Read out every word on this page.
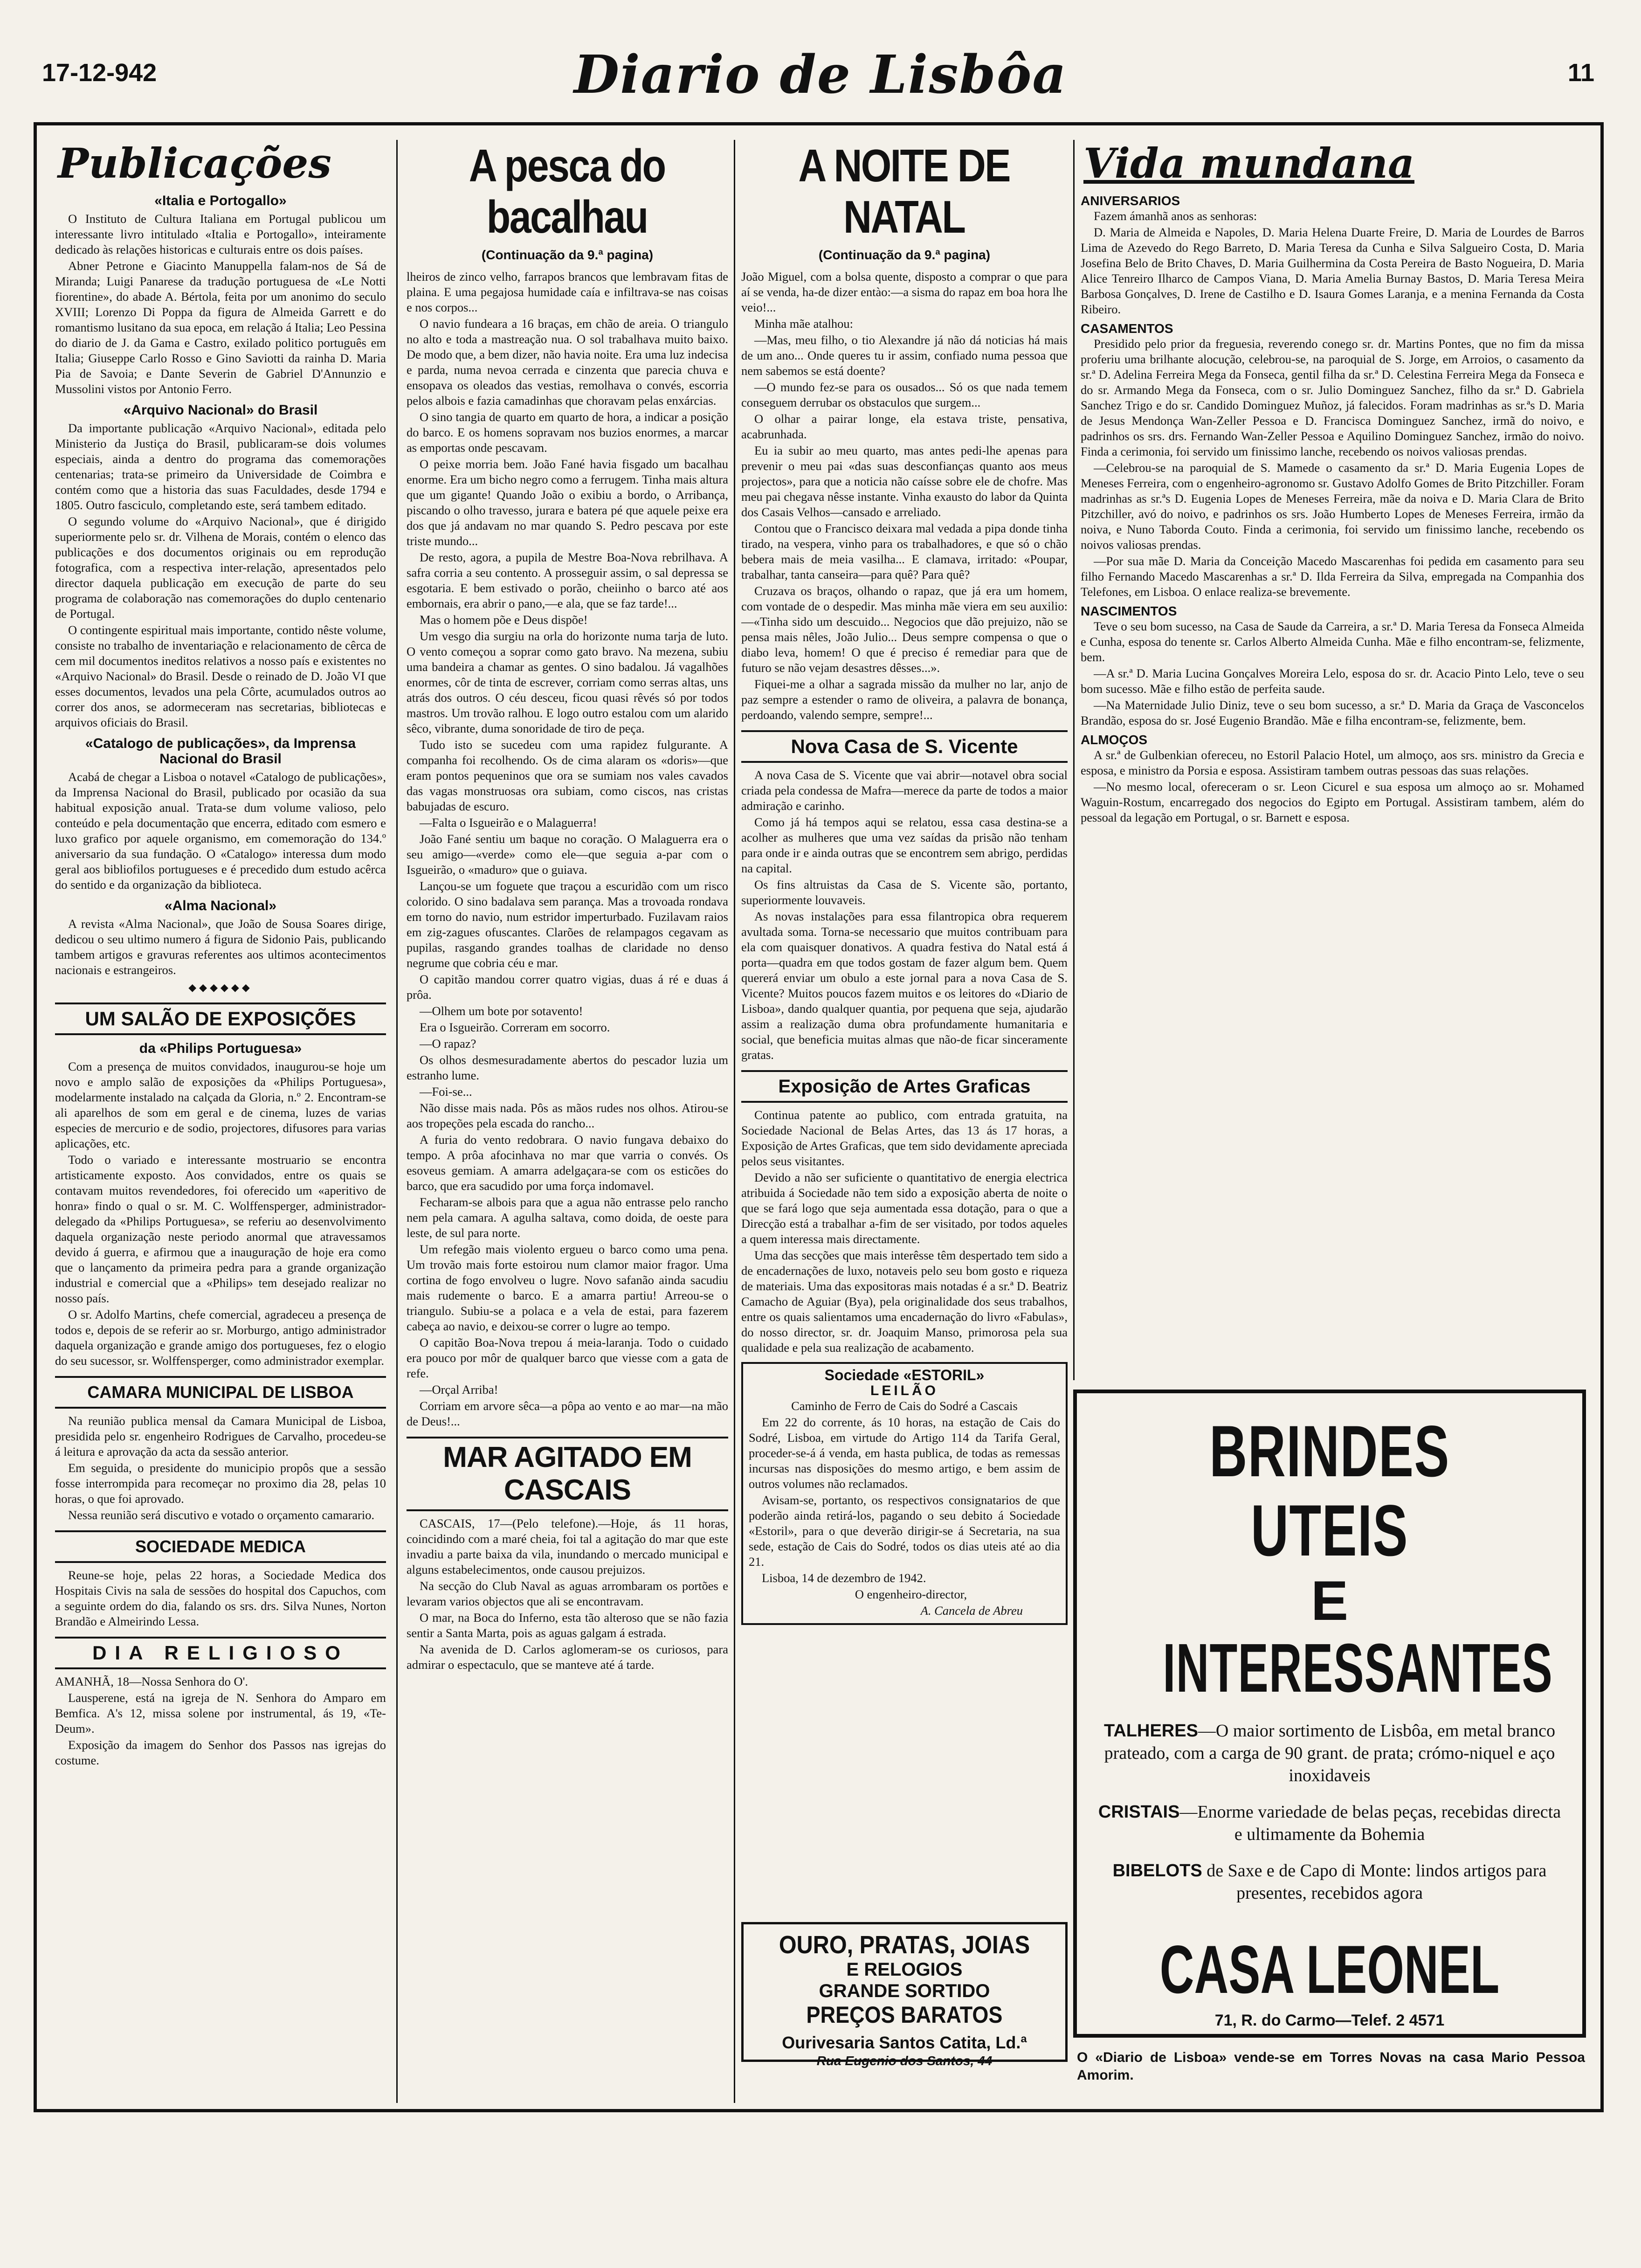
17-12-942	Diario de Lisbôa	11
Publicações
«Italia e Portogallo»

O Instituto de Cultura Italiana em Portugal publicou um interessante livro intitulado «Italia e Portogallo», inteiramente dedicado às relações historicas e culturais entre os dois países.

Abner Petrone e Giacinto Manuppella falam-nos de Sá de Miranda; Luigi Panarese da tradução portuguesa de «Le Notti fiorentine», do abade A. Bértola, feita por um anonimo do seculo XVIII; Lorenzo Di Poppa da figura de Almeida Garrett e do romantismo lusitano da sua epoca, em relação á Italia; Leo Pessina do diario de J. da Gama e Castro, exilado politico português em Italia; Giuseppe Carlo Rosso e Gino Saviotti da rainha D. Maria Pia de Savoia; e Dante Severin de Gabriel D'Annunzio e Mussolini vistos por Antonio Ferro.

«Arquivo Nacional» do Brasil

Da importante publicação «Arquivo Nacional», editada pelo Ministerio da Justiça do Brasil, publicaram-se dois volumes especiais, ainda a dentro do programa das comemorações centenarias; trata-se primeiro da Universidade de Coimbra e contém como que a historia das suas Faculdades, desde 1794 e 1805. Outro fasciculo, completando este, será tambem editado.

O segundo volume do «Arquivo Nacional», que é dirigido superiormente pelo sr. dr. Vilhena de Morais, contém o elenco das publicações e dos documentos originais ou em reprodução fotografica, com a respectiva inter-relação, apresentados pelo director daquela publicação em execução de parte do seu programa de colaboração nas comemorações do duplo centenario de Portugal.

O contingente espiritual mais importante, contido nêste volume, consiste no trabalho de inventariação e relacionamento de cêrca de cem mil documentos ineditos relativos a nosso país e existentes no «Arquivo Nacional» do Brasil. Desde o reinado de D. João VI que esses documentos, levados una pela Côrte, acumulados outros ao correr dos anos, se adormeceram nas secretarias, bibliotecas e arquivos oficiais do Brasil.

«Catalogo de publicações», da Imprensa Nacional do Brasil

Acabá de chegar a Lisboa o notavel «Catalogo de publicações», da Imprensa Nacional do Brasil, publicado por ocasião da sua habitual exposição anual. Trata-se dum volume valioso, pelo conteúdo e pela documentação que encerra, editado com esmero e luxo grafico por aquele organismo, em comemoração do 134.º aniversario da sua fundação. O «Catalogo» interessa dum modo geral aos bibliofilos portugueses e é precedido dum estudo acêrca do sentido e da organização da biblioteca.

«Alma Nacional»

A revista «Alma Nacional», que João de Sousa Soares dirige, dedicou o seu ultimo numero á figura de Sidonio Pais, publicando tambem artigos e gravuras referentes aos ultimos acontecimentos nacionais e estrangeiros.

◆◆◆◆◆◆
UM SALÃO DE EXPOSIÇÕES
da «Philips Portuguesa»

Com a presença de muitos convidados, inaugurou-se hoje um novo e amplo salão de exposições da «Philips Portuguesa», modelarmente instalado na calçada da Gloria, n.º 2. Encontram-se ali aparelhos de som em geral e de cinema, luzes de varias especies de mercurio e de sodio, projectores, difusores para varias aplicações, etc.

Todo o variado e interessante mostruario se encontra artisticamente exposto. Aos convidados, entre os quais se contavam muitos revendedores, foi oferecido um «aperitivo de honra» findo o qual o sr. M. C. Wolffensperger, administrador-delegado da «Philips Portuguesa», se referiu ao desenvolvimento daquela organização neste periodo anormal que atravessamos devido á guerra, e afirmou que a inauguração de hoje era como que o lançamento da primeira pedra para a grande organização industrial e comercial que a «Philips» tem desejado realizar no nosso país.

O sr. Adolfo Martins, chefe comercial, agradeceu a presença de todos e, depois de se referir ao sr. Morburgo, antigo administrador daquela organização e grande amigo dos portugueses, fez o elogio do seu sucessor, sr. Wolffensperger, como administrador exemplar.

CAMARA MUNICIPAL DE LISBOA

Na reunião publica mensal da Camara Municipal de Lisboa, presidida pelo sr. engenheiro Rodrigues de Carvalho, procedeu-se á leitura e aprovação da acta da sessão anterior.

Em seguida, o presidente do municipio propôs que a sessão fosse interrompida para recomeçar no proximo dia 28, pelas 10 horas, o que foi aprovado.

Nessa reunião será discutivo e votado o orçamento camarario.

SOCIEDADE MEDICA

Reune-se hoje, pelas 22 horas, a Sociedade Medica dos Hospitais Civis na sala de sessões do hospital dos Capuchos, com a seguinte ordem do dia, falando os srs. drs. Silva Nunes, Norton Brandão e Almeirindo Lessa.

DIA RELIGIOSO

AMANHÃ, 18—Nossa Senhora do O'.

Lausperene, está na igreja de N. Senhora do Amparo em Bemfica. A's 12, missa solene por instrumental, ás 19, «Te-Deum».

Exposição da imagem do Senhor dos Passos nas igrejas do costume.

A pesca do bacalhau
(Continuação da 9.ª pagina)

lheiros de zinco velho, farrapos brancos que lembravam fitas de plaina. E uma pegajosa humidade caía e infiltrava-se nas coisas e nos corpos...

O navio fundeara a 16 braças, em chão de areia. O triangulo no alto e toda a mastreação nua. O sol trabalhava muito baixo. De modo que, a bem dizer, não havia noite. Era uma luz indecisa e parda, numa nevoa cerrada e cinzenta que parecia chuva e ensopava os oleados das vestias, remolhava o convés, escorria pelos albois e fazia camadinhas que choravam pelas enxárcias.

O sino tangia de quarto em quarto de hora, a indicar a posição do barco. E os homens sopravam nos buzios enormes, a marcar as emportas onde pescavam.

O peixe morria bem. João Fané havia fisgado um bacalhau enorme. Era um bicho negro como a ferrugem. Tinha mais altura que um gigante! Quando João o exibiu a bordo, o Arribança, piscando o olho travesso, jurara e batera pé que aquele peixe era dos que já andavam no mar quando S. Pedro pescava por este triste mundo...

De resto, agora, a pupila de Mestre Boa-Nova rebrilhava. A safra corria a seu contento. A prosseguir assim, o sal depressa se esgotaria. E bem estivado o porão, cheiinho o barco até aos embornais, era abrir o pano,—e ala, que se faz tarde!...

Mas o homem põe e Deus dispõe!

Um vesgo dia surgiu na orla do horizonte numa tarja de luto. O vento começou a soprar como gato bravo. Na mezena, subiu uma bandeira a chamar as gentes. O sino badalou. Já vagalhões enormes, côr de tinta de escrever, corriam como serras altas, uns atrás dos outros. O céu desceu, ficou quasi rêvés só por todos mastros. Um trovão ralhou. E logo outro estalou com um alarido sêco, vibrante, duma sonoridade de tiro de peça.

Tudo isto se sucedeu com uma rapidez fulgurante. A companha foi recolhendo. Os de cima alaram os «doris»—que eram pontos pequeninos que ora se sumiam nos vales cavados das vagas monstruosas ora subiam, como ciscos, nas cristas babujadas de escuro.

—Falta o Isgueirão e o Malaguerra!

João Fané sentiu um baque no coração. O Malaguerra era o seu amigo—«verde» como ele—que seguia a-par com o Isgueirão, o «maduro» que o guiava.

Lançou-se um foguete que traçou a escuridão com um risco colorido. O sino badalava sem parança. Mas a trovoada rondava em torno do navio, num estridor imperturbado. Fuzilavam raios em zig-zagues ofuscantes. Clarões de relampagos cegavam as pupilas, rasgando grandes toalhas de claridade no denso negrume que cobria céu e mar.

O capitão mandou correr quatro vigias, duas á ré e duas á prôa.

—Olhem um bote por sotavento!

Era o Isgueirão. Correram em socorro.

—O rapaz?

Os olhos desmesuradamente abertos do pescador luzia um estranho lume.

—Foi-se...

Não disse mais nada. Pôs as mãos rudes nos olhos. Atirou-se aos tropeções pela escada do rancho...

A furia do vento redobrara. O navio fungava debaixo do tempo. A prôa afocinhava no mar que varria o convés. Os esoveus gemiam. A amarra adelgaçara-se com os esticões do barco, que era sacudido por uma força indomavel.

Fecharam-se albois para que a agua não entrasse pelo rancho nem pela camara. A agulha saltava, como doida, de oeste para leste, de sul para norte.

Um refegão mais violento ergueu o barco como uma pena. Um trovão mais forte estoirou num clamor maior fragor. Uma cortina de fogo envolveu o lugre. Novo safanão ainda sacudiu mais rudemente o barco. E a amarra partiu! Arreou-se o triangulo. Subiu-se a polaca e a vela de estai, para fazerem cabeça ao navio, e deixou-se correr o lugre ao tempo.

O capitão Boa-Nova trepou á meia-laranja. Todo o cuidado era pouco por môr de qualquer barco que viesse com a gata de refe.

—Orçal Arriba!

Corriam em arvore sêca—a pôpa ao vento e ao mar—na mão de Deus!...

MAR AGITADO EM CASCAIS

CASCAIS, 17—(Pelo telefone).—Hoje, ás 11 horas, coincidindo com a maré cheia, foi tal a agitação do mar que este invadiu a parte baixa da vila, inundando o mercado municipal e alguns estabelecimentos, onde causou prejuizos.

Na secção do Club Naval as aguas arrombaram os portões e levaram varios objectos que ali se encontravam.

O mar, na Boca do Inferno, esta tão alteroso que se não fazia sentir a Santa Marta, pois as aguas galgam á estrada.

Na avenida de D. Carlos aglomeram-se os curiosos, para admirar o espectaculo, que se manteve até á tarde.

A NOITE DE NATAL
(Continuação da 9.ª pagina)

João Miguel, com a bolsa quente, disposto a comprar o que para aí se venda, ha-de dizer entào:—a sisma do rapaz em boa hora lhe veio!...

Minha mãe atalhou:

—Mas, meu filho, o tio Alexandre já não dá noticias há mais de um ano... Onde queres tu ir assim, confiado numa pessoa que nem sabemos se está doente?

—O mundo fez-se para os ousados... Só os que nada temem conseguem derrubar os obstaculos que surgem...

O olhar a pairar longe, ela estava triste, pensativa, acabrunhada.

Eu ia subir ao meu quarto, mas antes pedi-lhe apenas para prevenir o meu pai «das suas desconfianças quanto aos meus projectos», para que a noticia não caísse sobre ele de chofre. Mas meu pai chegava nêsse instante. Vinha exausto do labor da Quinta dos Casais Velhos—cansado e arreliado.

Contou que o Francisco deixara mal vedada a pipa donde tinha tirado, na vespera, vinho para os trabalhadores, e que só o chão bebera mais de meia vasilha... E clamava, irritado: «Poupar, trabalhar, tanta canseira—para quê? Para quê?

Cruzava os braços, olhando o rapaz, que já era um homem, com vontade de o despedir. Mas minha mãe viera em seu auxilio:—«Tinha sido um descuido... Negocios que dão prejuizo, não se pensa mais nêles, João Julio... Deus sempre compensa o que o diabo leva, homem! O que é preciso é remediar para que de futuro se não vejam desastres dêsses...».

Fiquei-me a olhar a sagrada missão da mulher no lar, anjo de paz sempre a estender o ramo de oliveira, a palavra de bonança, perdoando, valendo sempre, sempre!...

Nova Casa de S. Vicente

A nova Casa de S. Vicente que vai abrir—notavel obra social criada pela condessa de Mafra—merece da parte de todos a maior admiração e carinho.

Como já há tempos aqui se relatou, essa casa destina-se a acolher as mulheres que uma vez saídas da prisão não tenham para onde ir e ainda outras que se encontrem sem abrigo, perdidas na capital.

Os fins altruistas da Casa de S. Vicente são, portanto, superiormente louvaveis.

As novas instalações para essa filantropica obra requerem avultada soma. Torna-se necessario que muitos contribuam para ela com quaisquer donativos. A quadra festiva do Natal está á porta—quadra em que todos gostam de fazer algum bem. Quem quererá enviar um obulo a este jornal para a nova Casa de S. Vicente? Muitos poucos fazem muitos e os leitores do «Diario de Lisboa», dando qualquer quantia, por pequena que seja, ajudarão assim a realização duma obra profundamente humanitaria e social, que beneficia muitas almas que não-de ficar sinceramente gratas.

Exposição de Artes Graficas

Continua patente ao publico, com entrada gratuita, na Sociedade Nacional de Belas Artes, das 13 ás 17 horas, a Exposição de Artes Graficas, que tem sido devidamente apreciada pelos seus visitantes.

Devido a não ser suficiente o quantitativo de energia electrica atribuida á Sociedade não tem sido a exposição aberta de noite o que se fará logo que seja aumentada essa dotação, para o que a Direcção está a trabalhar a-fim de ser visitado, por todos aqueles a quem interessa mais directamente.

Uma das secções que mais interêsse têm despertado tem sido a de encadernações de luxo, notaveis pelo seu bom gosto e riqueza de materiais. Uma das expositoras mais notadas é a sr.ª D. Beatriz Camacho de Aguiar (Bya), pela originalidade dos seus trabalhos, entre os quais salientamos uma encadernação do livro «Fabulas», do nosso director, sr. dr. Joaquim Manso, primorosa pela sua qualidade e pela sua realização de acabamento.

Sociedade «ESTORIL»
LEILÃO

Caminho de Ferro de Cais do Sodré a Cascais

Em 22 do corrente, ás 10 horas, na estação de Cais do Sodré, Lisboa, em virtude do Artigo 114 da Tarifa Geral, proceder-se-á á venda, em hasta publica, de todas as remessas incursas nas disposições do mesmo artigo, e bem assim de outros volumes não reclamados.

Avisam-se, portanto, os respectivos consignatarios de que poderão ainda retirá-los, pagando o seu debito á Sociedade «Estoril», para o que deverão dirigir-se á Secretaria, na sua sede, estação de Cais do Sodré, todos os dias uteis até ao dia 21.

Lisboa, 14 de dezembro de 1942.

O engenheiro-director,

A. Cancela de Abreu

OURO, PRATAS, JOIAS
E RELOGIOS
GRANDE SORTIDO
PREÇOS BARATOS
Ourivesaria Santos Catita, Ld.ª
Rua Eugenio dos Santos, 44
Vida mundana
ANIVERSARIOS

Fazem ámanhã anos as senhoras:

D. Maria de Almeida e Napoles, D. Maria Helena Duarte Freire, D. Maria de Lourdes de Barros Lima de Azevedo do Rego Barreto, D. Maria Teresa da Cunha e Silva Salgueiro Costa, D. Maria Josefina Belo de Brito Chaves, D. Maria Guilhermina da Costa Pereira de Basto Nogueira, D. Maria Alice Tenreiro Ilharco de Campos Viana, D. Maria Amelia Burnay Bastos, D. Maria Teresa Meira Barbosa Gonçalves, D. Irene de Castilho e D. Isaura Gomes Laranja, e a menina Fernanda da Costa Ribeiro.

CASAMENTOS

Presidido pelo prior da freguesia, reverendo conego sr. dr. Martins Pontes, que no fim da missa proferiu uma brilhante alocução, celebrou-se, na paroquial de S. Jorge, em Arroios, o casamento da sr.ª D. Adelina Ferreira Mega da Fonseca, gentil filha da sr.ª D. Celestina Ferreira Mega da Fonseca e do sr. Armando Mega da Fonseca, com o sr. Julio Dominguez Sanchez, filho da sr.ª D. Gabriela Sanchez Trigo e do sr. Candido Dominguez Muñoz, já falecidos. Foram madrinhas as sr.ªs D. Maria de Jesus Mendonça Wan-Zeller Pessoa e D. Francisca Dominguez Sanchez, irmã do noivo, e padrinhos os srs. drs. Fernando Wan-Zeller Pessoa e Aquilino Dominguez Sanchez, irmão do noivo. Finda a cerimonia, foi servido um finissimo lanche, recebendo os noivos valiosas prendas.

—Celebrou-se na paroquial de S. Mamede o casamento da sr.ª D. Maria Eugenia Lopes de Meneses Ferreira, com o engenheiro-agronomo sr. Gustavo Adolfo Gomes de Brito Pitzchiller. Foram madrinhas as sr.ªs D. Eugenia Lopes de Meneses Ferreira, mãe da noiva e D. Maria Clara de Brito Pitzchiller, avó do noivo, e padrinhos os srs. João Humberto Lopes de Meneses Ferreira, irmão da noiva, e Nuno Taborda Couto. Finda a cerimonia, foi servido um finissimo lanche, recebendo os noivos valiosas prendas.

—Por sua mãe D. Maria da Conceição Macedo Mascarenhas foi pedida em casamento para seu filho Fernando Macedo Mascarenhas a sr.ª D. Ilda Ferreira da Silva, empregada na Companhia dos Telefones, em Lisboa. O enlace realiza-se brevemente.

NASCIMENTOS

Teve o seu bom sucesso, na Casa de Saude da Carreira, a sr.ª D. Maria Teresa da Fonseca Almeida e Cunha, esposa do tenente sr. Carlos Alberto Almeida Cunha. Mãe e filho encontram-se, felizmente, bem.

—A sr.ª D. Maria Lucina Gonçalves Moreira Lelo, esposa do sr. dr. Acacio Pinto Lelo, teve o seu bom sucesso. Mãe e filho estão de perfeita saude.

—Na Maternidade Julio Diniz, teve o seu bom sucesso, a sr.ª D. Maria da Graça de Vasconcelos Brandão, esposa do sr. José Eugenio Brandão. Mãe e filha encontram-se, felizmente, bem.

ALMOÇOS

A sr.ª de Gulbenkian ofereceu, no Estoril Palacio Hotel, um almoço, aos srs. ministro da Grecia e esposa, e ministro da Porsia e esposa. Assistiram tambem outras pessoas das suas relações.

—No mesmo local, ofereceram o sr. Leon Cicurel e sua esposa um almoço ao sr. Mohamed Waguin-Rostum, encarregado dos negocios do Egipto em Portugal. Assistiram tambem, além do pessoal da legação em Portugal, o sr. Barnett e esposa.

BRINDES UTEIS
E
INTERESSANTES
TALHERES—O maior sortimento de Lisbôa, em metal branco prateado, com a carga de 90 grant. de prata; crómo-niquel e aço inoxidaveis
CRISTAIS—Enorme variedade de belas peças, recebidas directa e ultimamente da Bohemia
BIBELOTS de Saxe e de Capo di Monte: lindos artigos para presentes, recebidos agora
CASA LEONEL
71, R. do Carmo—Telef. 2 4571
O «Diario de Lisboa» vende-se em Torres Novas na casa Mario Pessoa Amorim.
